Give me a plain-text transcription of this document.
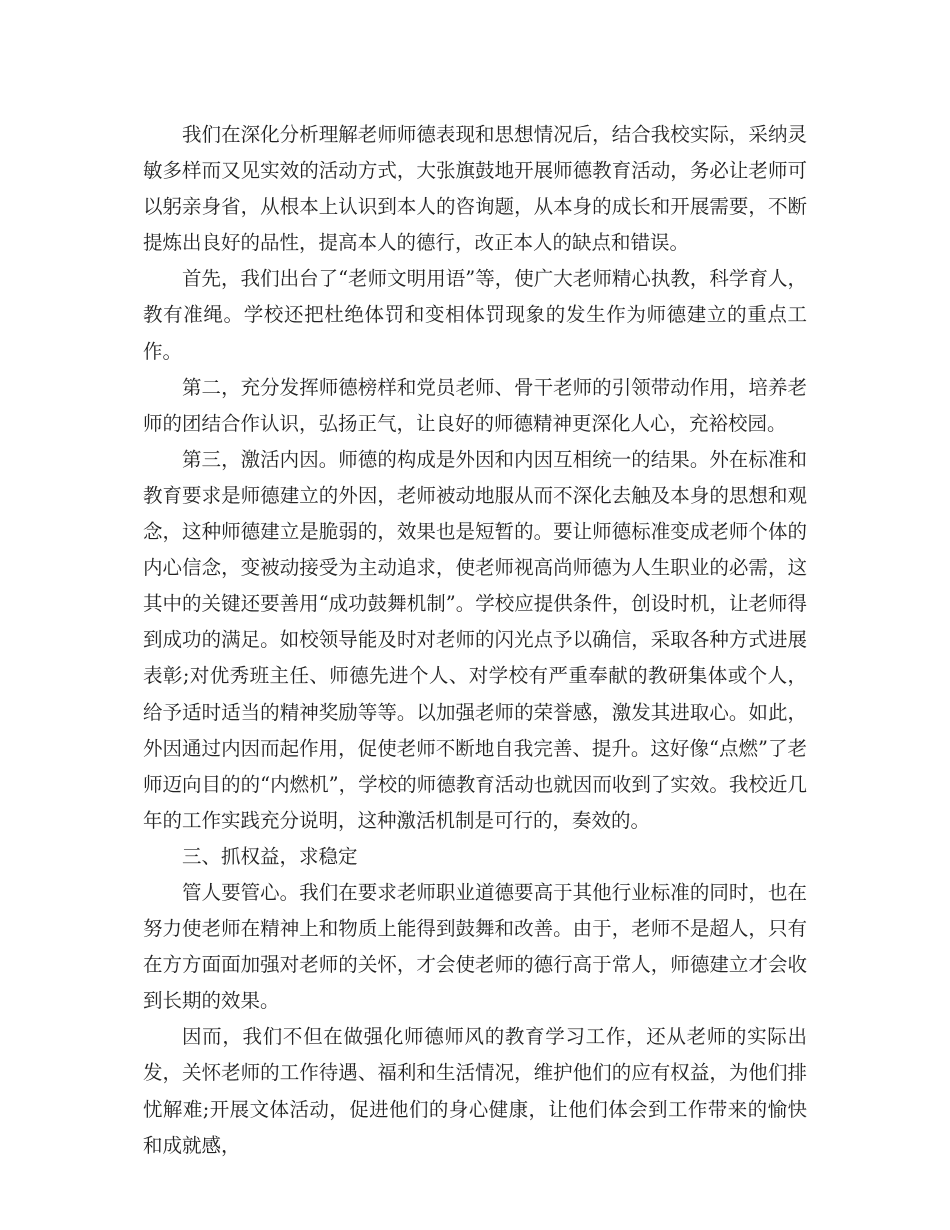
我们在深化分析理解老师师德表现和思想情况后，结合我校实际，采纳灵敏多样而又见实效的活动方式，大张旗鼓地开展师德教育活动，务必让老师可以躬亲身省，从根本上认识到本人的咨询题，从本身的成长和开展需要，不断提炼出良好的品性，提高本人的德行，改正本人的缺点和错误。

首先，我们出台了“老师文明用语”等，使广大老师精心执教，科学育人，教有准绳。学校还把杜绝体罚和变相体罚现象的发生作为师德建立的重点工作。

第二，充分发挥师德榜样和党员老师、骨干老师的引领带动作用，培养老师的团结合作认识，弘扬正气，让良好的师德精神更深化人心，充裕校园。

第三，激活内因。师德的构成是外因和内因互相统一的结果。外在标准和教育要求是师德建立的外因，老师被动地服从而不深化去触及本身的思想和观念，这种师德建立是脆弱的，效果也是短暂的。要让师德标准变成老师个体的内心信念，变被动接受为主动追求，使老师视高尚师德为人生职业的必需，这其中的关键还要善用“成功鼓舞机制”。学校应提供条件，创设时机，让老师得到成功的满足。如校领导能及时对老师的闪光点予以确信，采取各种方式进展表彰;对优秀班主任、师德先进个人、对学校有严重奉献的教研集体或个人，给予适时适当的精神奖励等等。以加强老师的荣誉感，激发其进取心。如此，外因通过内因而起作用，促使老师不断地自我完善、提升。这好像“点燃”了老师迈向目的的“内燃机”，学校的师德教育活动也就因而收到了实效。我校近几年的工作实践充分说明，这种激活机制是可行的，奏效的。

三、抓权益，求稳定

管人要管心。我们在要求老师职业道德要高于其他行业标准的同时，也在努力使老师在精神上和物质上能得到鼓舞和改善。由于，老师不是超人，只有在方方面面加强对老师的关怀，才会使老师的德行高于常人，师德建立才会收到长期的效果。

因而，我们不但在做强化师德师风的教育学习工作，还从老师的实际出发，关怀老师的工作待遇、福利和生活情况，维护他们的应有权益，为他们排忧解难;开展文体活动，促进他们的身心健康，让他们体会到工作带来的愉快和成就感，
